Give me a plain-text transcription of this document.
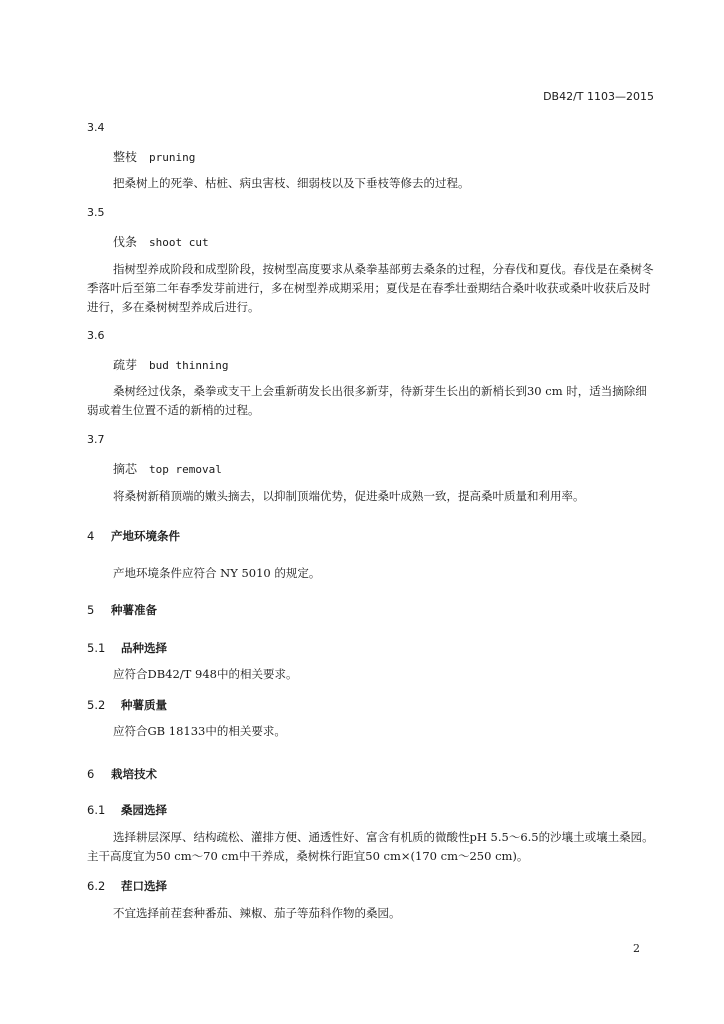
DB42/T 1103—2015
3.4
整枝 pruning
把桑树上的死拳、枯桩、病虫害枝、细弱枝以及下垂枝等修去的过程。
3.5
伐条 shoot cut
指树型养成阶段和成型阶段，按树型高度要求从桑拳基部剪去桑条的过程，分春伐和夏伐。春伐是在桑树冬季落叶后至第二年春季发芽前进行，多在树型养成期采用；夏伐是在春季壮蚕期结合桑叶收获或桑叶收获后及时进行，多在桑树树型养成后进行。
3.6
疏芽 bud thinning
桑树经过伐条，桑拳或支干上会重新萌发长出很多新芽，待新芽生长出的新梢长到30 cm 时，适当摘除细弱或着生位置不适的新梢的过程。
3.7
摘芯 top removal
将桑树新稍顶端的嫩头摘去，以抑制顶端优势，促进桑叶成熟一致，提高桑叶质量和利用率。
4 产地环境条件
产地环境条件应符合 NY 5010 的规定。
5 种薯准备
5.1 品种选择
应符合DB42/T 948中的相关要求。
5.2 种薯质量
应符合GB 18133中的相关要求。
6 栽培技术
6.1 桑园选择
选择耕层深厚、结构疏松、灌排方便、通透性好、富含有机质的微酸性pH 5.5～6.5的沙壤土或壤土桑园。主干高度宜为50 cm～70 cm中干养成，桑树株行距宜50 cm×(170 cm～250 cm)。
6.2 茬口选择
不宜选择前茬套种番茄、辣椒、茄子等茄科作物的桑园。
2
